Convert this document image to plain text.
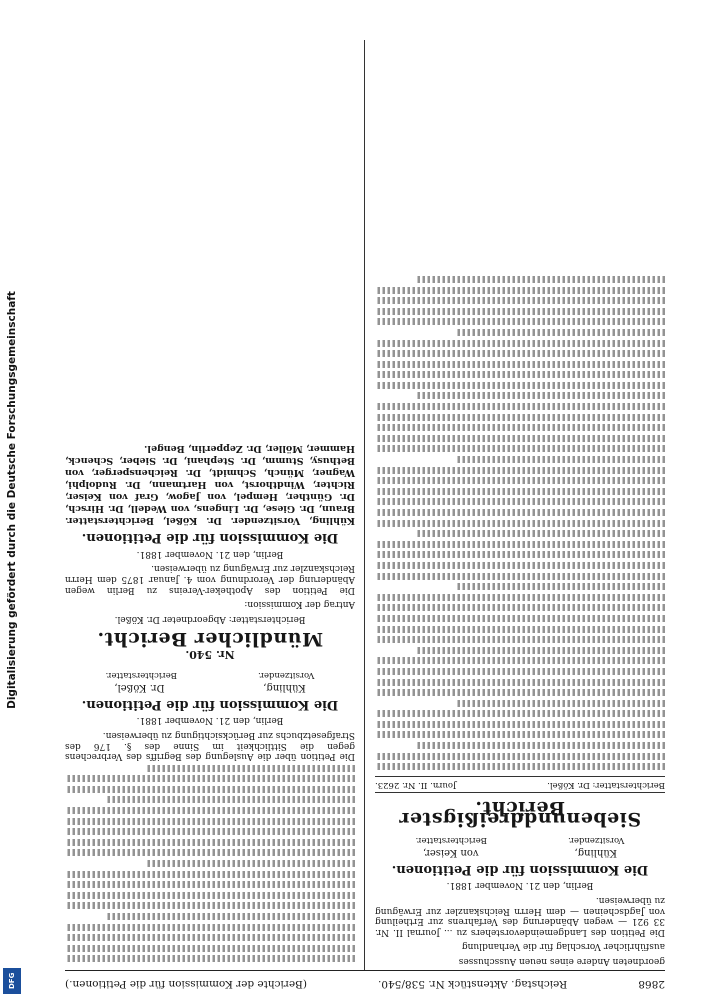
2868
Reichstag. Aktenstück Nr. 538/540.
(Berichte der Kommission für die Petitionen.)

geordneten Andere eines neuen Ausschusses

ausführlicher Vorschlag für die Verhandlung

Die Petition des Landgemeindevorstehers zu ... Journal II. Nr. 33 921 — wegen Abänderung des Verfahrens zur Ertheilung von Jagdscheinen — dem Herrn Reichskanzler zur Erwägung zu überweisen.

Berlin, den 21. November 1881.

Die Kommission für die Petitionen.
Kühling,
von Keiser,
Vorsitzender.
Berichterstatter.
Siebenunddreißigster Bericht.
Berichterstatter: Dr. Kößel.
Journ. II. Nr. 2623.

Die Petition über die Auslegung des Begriffs des Verbrechens gegen die Sittlichkeit im Sinne des §. 176 des Strafgesetzbuchs zur Berücksichtigung zu überweisen.

Berlin, den 21. November 1881.

Die Kommission für die Petitionen.
Kühling,
Dr. Kößel,
Vorsitzender.
Berichterstatter.
Nr. 540.
Mündlicher Bericht.

Berichterstatter: Abgeordneter Dr. Kößel.

Antrag der Kommission:

Die Petition des Apotheker-Vereins zu Berlin wegen Abänderung der Verordnung vom 4. Januar 1875 dem Herrn Reichskanzler zur Erwägung zu überweisen.

Berlin, den 21. November 1881.

Die Kommission für die Petitionen.

Kühling, Vorsitzender. Dr. Kößel, Berichterstatter. Braun, Dr. Giese, Dr. Lingens, von Wedell, Dr. Hirsch, Dr. Günther, Hempel, von Jagow, Graf von Keiser, Richter, Windthorst, von Hartmann, Dr. Rudolphi, Wagner, Münch, Schmidt, Dr. Reichensperger, von Bethusy, Stumm, Dr. Stephani, Dr. Sieber, Schenck, Hammer, Möller, Dr. Zepperlin, Bengel.

Digitalisierung gefördert durch die Deutsche Forschungsgemeinschaft
DFG
